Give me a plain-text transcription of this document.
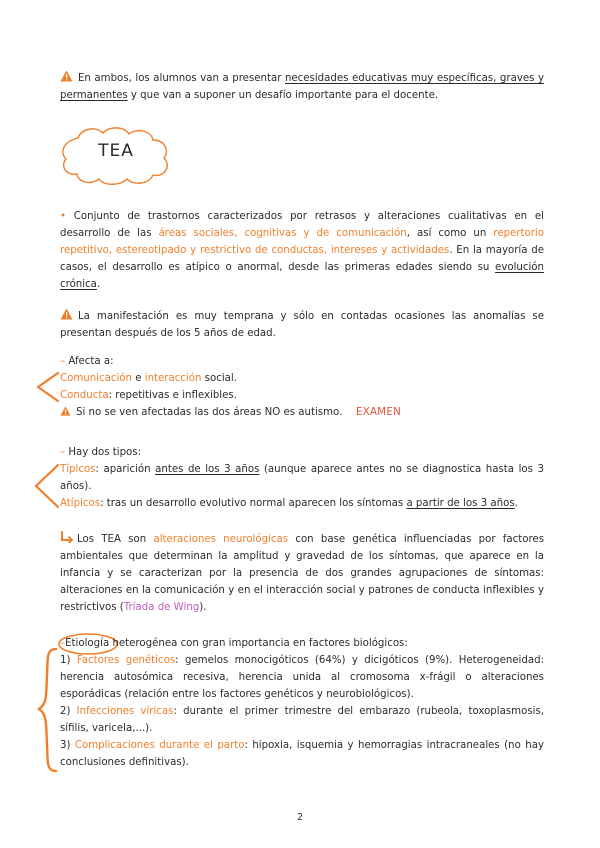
En ambos, los alumnos van a presentar necesidades educativas muy específicas, graves y permanentes y que van a suponer un desafío importante para el docente.
TEA
• Conjunto de trastornos caracterizados por retrasos y alteraciones cualitativas en el desarrollo de las áreas sociales, cognitivas y de comunicación, así como un repertorio repetitivo, estereotipado y restrictivo de conductas, intereses y actividades. En la mayoría de casos, el desarrollo es atípico o anormal, desde las primeras edades siendo su evolución crónica.
La manifestación es muy temprana y sólo en contadas ocasiones las anomalías se presentan después de los 5 años de edad.
– Afecta a:
Comunicación e interacción social.
Conducta: repetitivas e inflexibles.
Si no se ven afectadas las dos áreas NO es autismo. EXAMEN
– Hay dos tipos:
Típicos: aparición antes de los 3 años (aunque aparece antes no se diagnostica hasta los 3 años).
Atípicos: tras un desarrollo evolutivo normal aparecen los síntomas a partir de los 3 años.
Los TEA son alteraciones neurológicas con base genética influenciadas por factores ambientales que determinan la amplitud y gravedad de los síntomas, que aparece en la infancia y se caracterizan por la presencia de dos grandes agrupaciones de síntomas: alteraciones en la comunicación y en el interacción social y patrones de conducta inflexibles y restrictivos (Tríada de Wing).
–Etiología heterogénea con gran importancia en factores biológicos:
1) Factores genéticos: gemelos monocigóticos (64%) y dicigóticos (9%). Heterogeneidad: herencia autosómica recesiva, herencia unida al cromosoma x-frágil o alteraciones esporádicas (relación entre los factores genéticos y neurobiológicos).
2) Infecciones víricas: durante el primer trimestre del embarazo (rubeola, toxoplasmosis, sífilis, varicela,...).
3) Complicaciones durante el parto: hipoxia, isquemia y hemorragias intracraneales (no hay conclusiones definitivas).
2
